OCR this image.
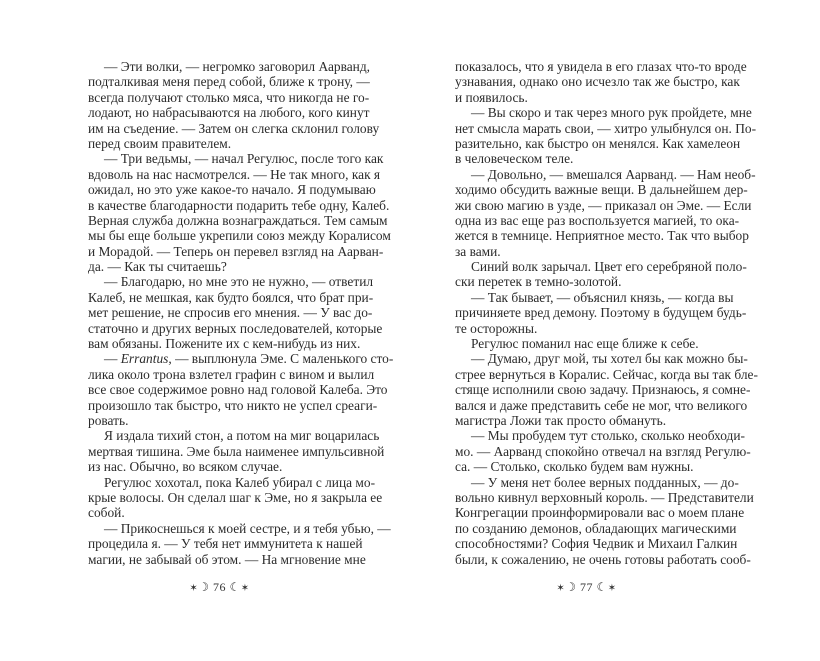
— Эти волки, — негромко заговорил Аарванд,
подталкивая меня перед собой, ближе к трону, —
всегда получают столько мяса, что никогда не го-
лодают, но набрасываются на любого, кого кинут
им на съедение. — Затем он слегка склонил голову
перед своим правителем.
— Три ведьмы, — начал Регулюс, после того как
вдоволь на нас насмотрелся. — Не так много, как я
ожидал, но это уже какое-то начало. Я подумываю
в качестве благодарности подарить тебе одну, Калеб.
Верная служба должна вознаграждаться. Тем самым
мы бы еще больше укрепили союз между Коралисом
и Морадой. — Теперь он перевел взгляд на Аарван-
да. — Как ты считаешь?
— Благодарю, но мне это не нужно, — ответил
Калеб, не мешкая, как будто боялся, что брат при-
мет решение, не спросив его мнения. — У вас до-
статочно и других верных последователей, которые
вам обязаны. Пожените их с кем-нибудь из них.
— Errantus, — выплюнула Эме. С маленького сто-
лика около трона взлетел графин с вином и вылил
все свое содержимое ровно над головой Калеба. Это
произошло так быстро, что никто не успел среаги-
ровать.
Я издала тихий стон, а потом на миг воцарилась
мертвая тишина. Эме была наименее импульсивной
из нас. Обычно, во всяком случае.
Регулюс хохотал, пока Калеб убирал с лица мо-
крые волосы. Он сделал шаг к Эме, но я закрыла ее
собой.
— Прикоснешься к моей сестре, и я тебя убью, —
процедила я. — У тебя нет иммунитета к нашей
магии, не забывай об этом. — На мгновение мне
показалось, что я увидела в его глазах что-то вроде
узнавания, однако оно исчезло так же быстро, как
и появилось.
— Вы скоро и так через много рук пройдете, мне
нет смысла марать свои, — хитро улыбнулся он. По-
разительно, как быстро он менялся. Как хамелеон
в человеческом теле.
— Довольно, — вмешался Аарванд. — Нам необ-
ходимо обсудить важные вещи. В дальнейшем дер-
жи свою магию в узде, — приказал он Эме. — Если
одна из вас еще раз воспользуется магией, то ока-
жется в темнице. Неприятное место. Так что выбор
за вами.
Синий волк зарычал. Цвет его серебряной поло-
ски перетек в темно-золотой.
— Так бывает, — объяснил князь, — когда вы
причиняете вред демону. Поэтому в будущем будь-
те осторожны.
Регулюс поманил нас еще ближе к себе.
— Думаю, друг мой, ты хотел бы как можно бы-
стрее вернуться в Коралис. Сейчас, когда вы так бле-
стяще исполнили свою задачу. Признаюсь, я сомне-
вался и даже представить себе не мог, что великого
магистра Ложи так просто обмануть.
— Мы пробудем тут столько, сколько необходи-
мо. — Аарванд спокойно отвечал на взгляд Регулю-
са. — Столько, сколько будем вам нужны.
— У меня нет более верных подданных, — до-
вольно кивнул верховный король. — Представители
Конгрегации проинформировали вас о моем плане
по созданию демонов, обладающих магическими
способностями? София Чедвик и Михаил Галкин
были, к сожалению, не очень готовы работать сооб-
✶☽ 76 ☾✶	✶☽ 77 ☾✶
